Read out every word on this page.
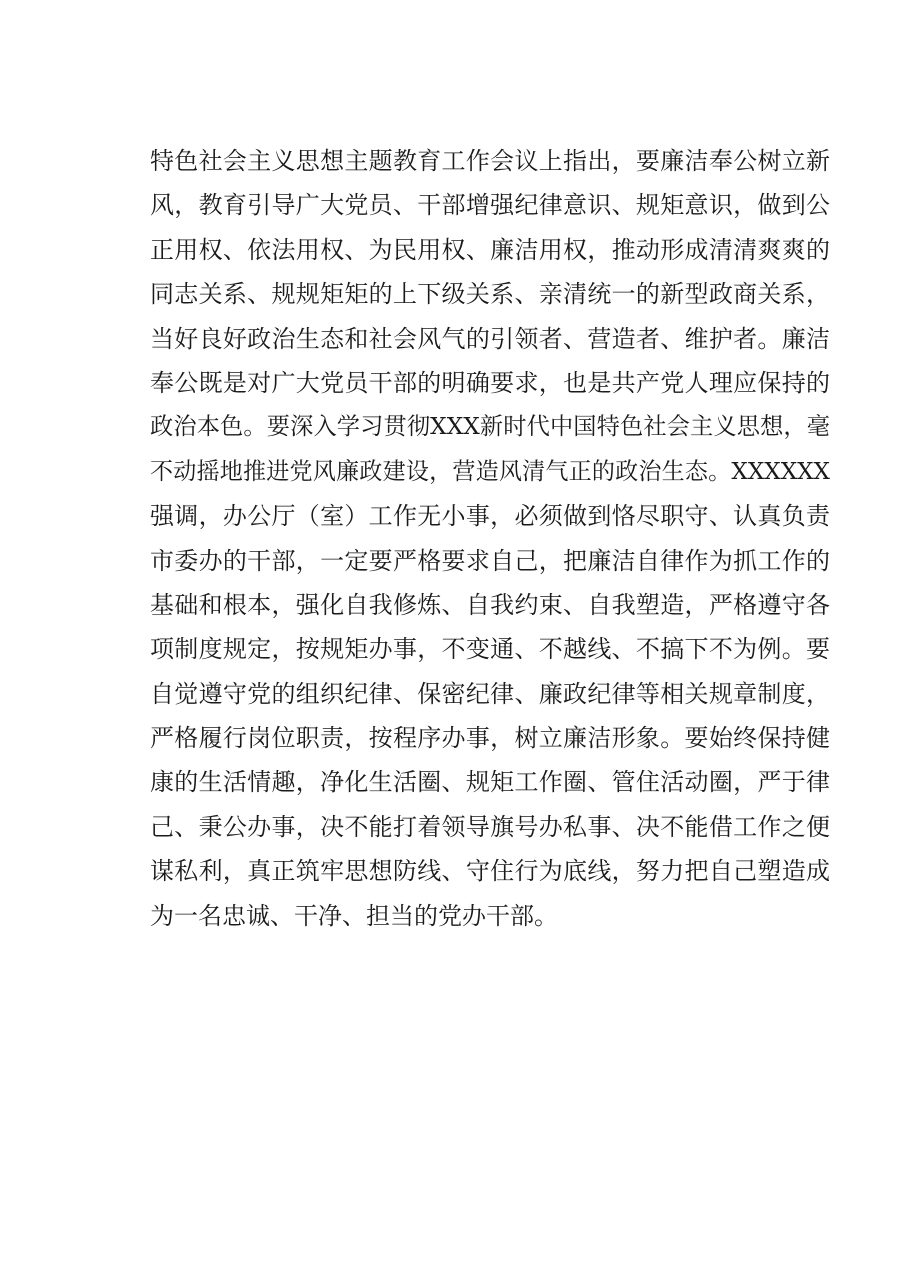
特色社会主义思想主题教育工作会议上指出，要廉洁奉公树立新
风，教育引导广大党员、干部增强纪律意识、规矩意识，做到公
正用权、依法用权、为民用权、廉洁用权，推动形成清清爽爽的
同志关系、规规矩矩的上下级关系、亲清统一的新型政商关系，
当好良好政治生态和社会风气的引领者、营造者、维护者。廉洁
奉公既是对广大党员干部的明确要求，也是共产党人理应保持的
政治本色。要深入学习贯彻XXX新时代中国特色社会主义思想，毫
不动摇地推进党风廉政建设，营造风清气正的政治生态。XXXXXX
强调，办公厅（室）工作无小事，必须做到恪尽职守、认真负责
市委办的干部，一定要严格要求自己，把廉洁自律作为抓工作的
基础和根本，强化自我修炼、自我约束、自我塑造，严格遵守各
项制度规定，按规矩办事，不变通、不越线、不搞下不为例。要
自觉遵守党的组织纪律、保密纪律、廉政纪律等相关规章制度，
严格履行岗位职责，按程序办事，树立廉洁形象。要始终保持健
康的生活情趣，净化生活圈、规矩工作圈、管住活动圈，严于律
己、秉公办事，决不能打着领导旗号办私事、决不能借工作之便
谋私利，真正筑牢思想防线、守住行为底线，努力把自己塑造成
为一名忠诚、干净、担当的党办干部。
